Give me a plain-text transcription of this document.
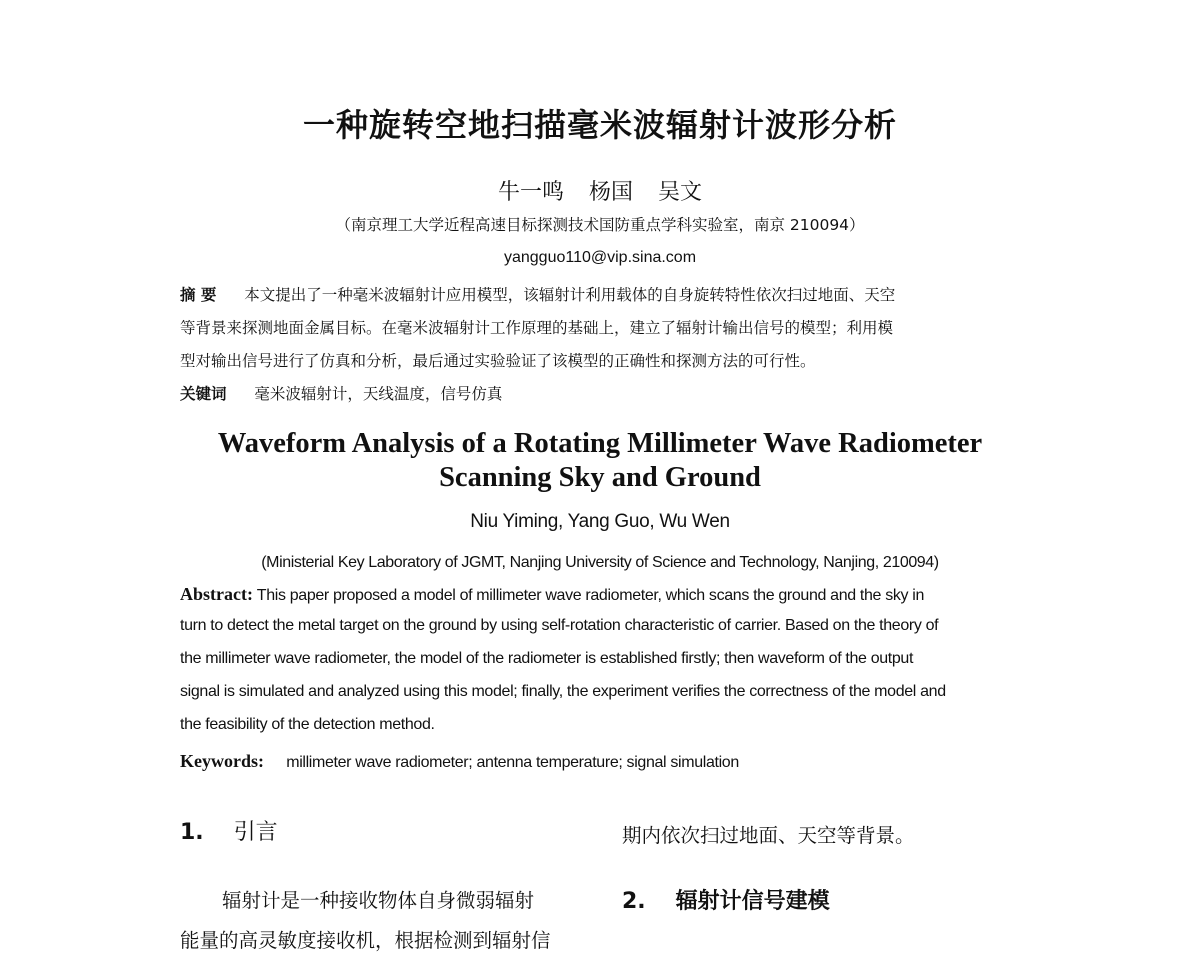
一种旋转空地扫描毫米波辐射计波形分析
牛一鸣 杨国 吴文
（南京理工大学近程高速目标探测技术国防重点学科实验室，南京 210094）
yangguo110@vip.sina.com
摘 要 本文提出了一种毫米波辐射计应用模型，该辐射计利用载体的自身旋转特性依次扫过地面、天空
等背景来探测地面金属目标。在毫米波辐射计工作原理的基础上，建立了辐射计输出信号的模型；利用模
型对输出信号进行了仿真和分析，最后通过实验验证了该模型的正确性和探测方法的可行性。
关键词 毫米波辐射计，天线温度，信号仿真
Waveform Analysis of a Rotating Millimeter Wave Radiometer
Scanning Sky and Ground
Niu Yiming, Yang Guo, Wu Wen
(Ministerial Key Laboratory of JGMT, Nanjing University of Science and Technology, Nanjing, 210094)
Abstract: This paper proposed a model of millimeter wave radiometer, which scans the ground and the sky in
turn to detect the metal target on the ground by using self-rotation characteristic of carrier. Based on the theory of
the millimeter wave radiometer, the model of the radiometer is established firstly; then waveform of the output
signal is simulated and analyzed using this model; finally, the experiment verifies the correctness of the model and
the feasibility of the detection method.
Keywords: millimeter wave radiometer; antenna temperature; signal simulation
1. 引言
辐射计是一种接收物体自身微弱辐射
能量的高灵敏度接收机，根据检测到辐射信
期内依次扫过地面、天空等背景。
2. 辐射计信号建模
